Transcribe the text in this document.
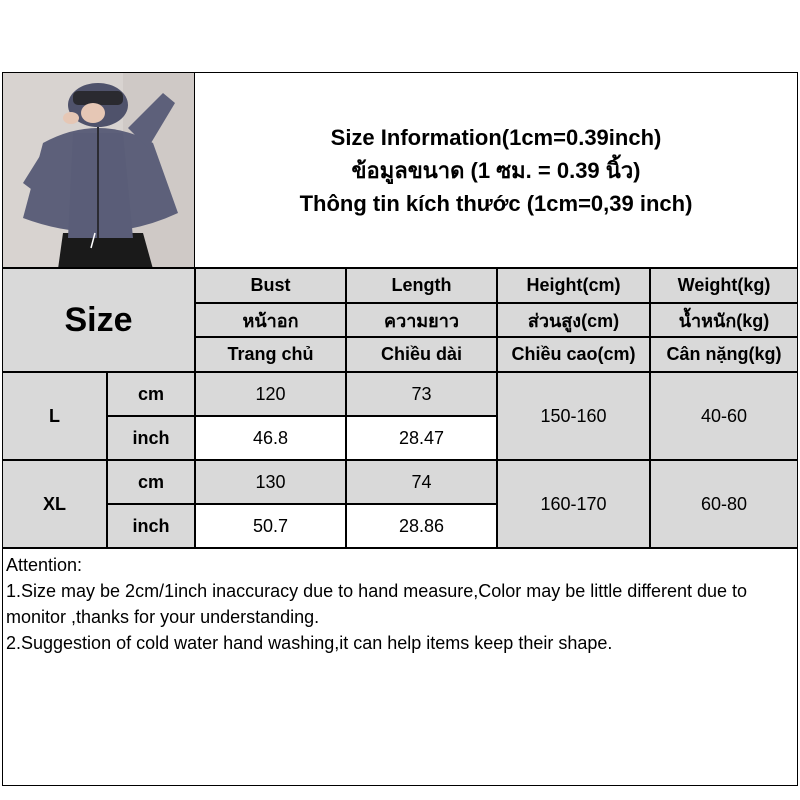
Size Information(1cm=0.39inch)
ข้อมูลขนาด (1 ซม. = 0.39 นิ้ว)
Thông tin kích thước (1cm=0,39 inch)
Size
Bust
หน้าอก
Trang chủ
Length
ความยาว
Chiều dài
Height(cm)
ส่วนสูง(cm)
Chiều cao(cm)
Weight(kg)
น้ำหนัก(kg)
Cân nặng(kg)
L
cm
inch
120
46.8
73
28.47
150-160	40-60
XL
cm
inch
130
50.7
74
28.86
160-170	60-80

Attention:

1.Size may be 2cm/1inch inaccuracy due to hand measure,Color may be little different due to monitor ,thanks for your understanding.

2.Suggestion of cold water hand washing,it can help items keep their shape.
